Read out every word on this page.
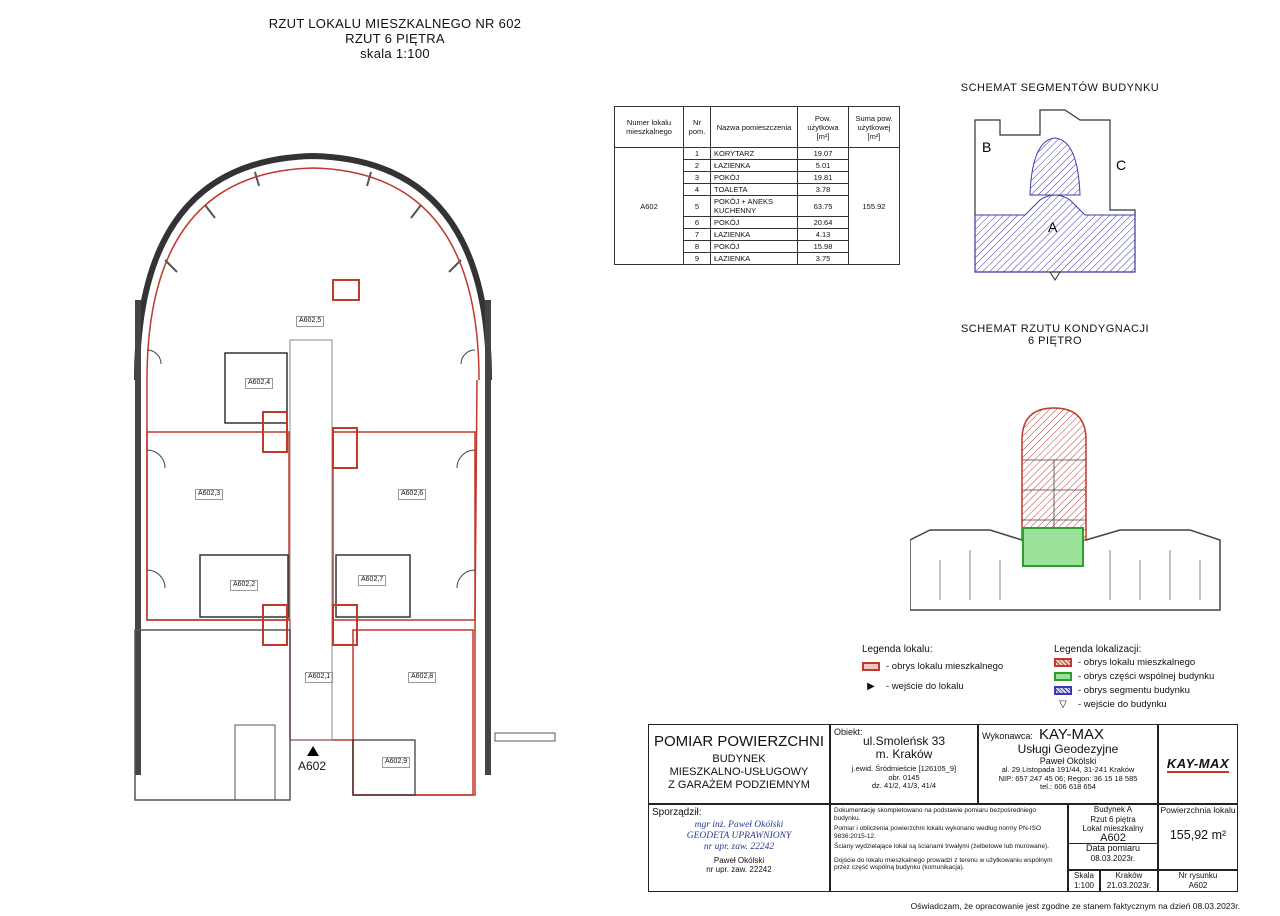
RZUT LOKALU MIESZKALNEGO NR 602
RZUT 6 PIĘTRA
skala 1:100
A602,5
A602,4
A602,3	A602,6
A602,2
A602,7
A602,1	A602,8
A602,9
A602
Numer lokalu mieszkalnego	Nr pom.	Nazwa pomieszczenia	Pow. użytkowa [m²]	Suma pow. użytkowej [m²]
A602	1	KORYTARZ	19.07	155.92
	2	ŁAZIENKA	5.01	
	3	POKÓJ	19.81	
	4	TOALETA	3.78	
	5	POKÓJ + ANEKS KUCHENNY	63.75	
	6	POKÓJ	20.64	
	7	ŁAZIENKA	4.13	
	8	POKÓJ	15.98	
	9	ŁAZIENKA	3.75	
SCHEMAT SEGMENTÓW BUDYNKU
B
C
A
SCHEMAT RZUTU KONDYGNACJI
6 PIĘTRO
Legenda lokalu:
- obrys lokalu mieszkalnego
▶	- wejście do lokalu
Legenda lokalizacji:
- obrys lokalu mieszkalnego
- obrys części wspólnej budynku
- obrys segmentu budynku
▽	- wejście do budynku
POMIAR POWIERZCHNI
BUDYNEK
MIESZKALNO-USŁUGOWY
Z GARAŻEM PODZIEMNYM
Obiekt:
ul.Smoleńsk 33
m. Kraków
j.ewid. Śródmieście [126105_9]
obr. 0145
dz. 41/2, 41/3, 41/4
Wykonawca: KAY-MAX
Usługi Geodezyjne
Paweł Okólski
al. 29 Listopada 191/44, 31-241 Kraków
NIP: 657 247 45 06; Regon: 36 15 18 585
tel.: 606 618 654
KAY-MAX
Sporządził:
mgr inż. Paweł Okólski
GEODETA UPRAWNIONY
nr upr. zaw. 22242
Paweł Okólski
nr upr. zaw. 22242
Dokumentację skompletowano na podstawie pomiaru bezpośredniego budynku.
Pomiar i obliczenia powierzchni lokalu wykonano według normy PN-ISO 9836:2015-12.
Ściany wydzielające lokal są ścianami trwałymi (żelbetowe lub murowane).
Dojście do lokalu mieszkalnego prowadzi z terenu w użytkowaniu wspólnym przez część wspólną budynku (komunikacja).
Budynek A
Rzut 6 piętra
Lokal mieszkalny
A602
Data pomiaru
08.03.2023r.
Powierzchnia lokalu
155,92 m²
Skala
1:100
Kraków
21.03.2023r.
Nr rysunku
A602
Oświadczam, że opracowanie jest zgodne ze stanem faktycznym na dzień 08.03.2023r.
